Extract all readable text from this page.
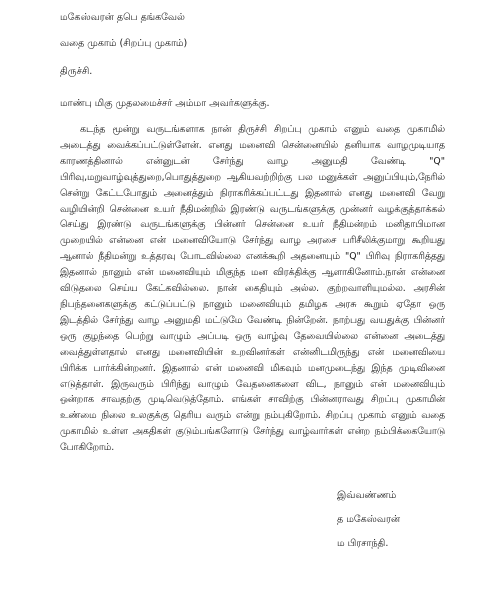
மகேஸ்வரன் தபெ தங்கவேல்
வதை முகாம் (சிறப்பு முகாம்)
திருச்சி.
மாண்பு மிகு முதலமைச்சர் அம்மா அவர்களுக்கு.

கடந்த மூன்று வருடங்களாக நான் திருச்சி சிறப்பு முகாம் எனும் வதை முகாமில் அடைத்து வைக்கப்பட்டுள்ளேன். எனது மனைவி சென்னையில் தனியாக வாழமுடியாத காரணத்தினால் என்னுடன் சேர்ந்து வாழ அனுமதி வேண்டி "Q" பிரிவு,மறுவாழ்வுத்துறை,பொதுத்துறை ஆகியவற்றிற்கு பல மனுக்கள் அனுப்பியும்,நேரில் சென்று கேட்டபோதும் அனைத்தும் நிராகரிக்கப்பட்டது இதனால் எனது மனைவி வேறு வழியின்றி சென்னை உயர் நீதிமன்றில் இரண்டு வருடங்களுக்கு முன்னர் வழக்குத்தாக்கல் செய்து இரண்டு வருடங்களுக்கு பின்னர் சென்னை உயர் நீதிமன்றம் மனிதாபிமான முறையில் என்னை என் மனைவியோடு சேர்ந்து வாழ அரசை பரிசீலிக்குமாறு கூறியது ஆனால் நீதிமன்று உத்தரவு போடவில்லை எனக்கூறி அதனையும் "Q" பிரிவு நிராகரித்தது இதனால் நானும் என் மனைவியும் மிகுந்த மன விரக்திக்கு ஆளாகினோம்.நான் என்னை விடுதலை செய்ய கேட்கவில்லை. நான் கைதியும் அல்ல. குற்றவாளியுமல்ல. அரசின் நிபந்தனைகளுக்கு கட்டுப்பட்டு நானும் மனைவியும் தமிழக அரசு கூறும் ஏதோ ஒரு இடத்தில் சேர்ந்து வாழ அனுமதி மட்டுமே வேண்டி நின்றேன். நாற்பது வயதுக்கு பின்னர் ஒரு குழந்தை பெற்று வாழும் அப்படி ஒரு வாழ்வு தேவையில்லை என்னை அடைத்து வைத்துள்ளதால் எனது மனைவியின் உறவினர்கள் என்னிடமிருந்து என் மனைவியை பிரிக்க பார்க்கின்றனர். இதனால் என் மனைவி மிகவும் மனமுடைந்து இந்த முடிவினை எடுத்தாள். இருவரும் பிரிந்து வாழும் வேதனைகளை விட, நானும் என் மனைவியும் ஒன்றாக சாவதற்கு முடிவெடுத்தோம். எங்கள் சாவிற்கு பின்னராவது சிறப்பு முகாமின் உண்மை நிலை உலகுக்கு தெரிய வரும் என்று நம்புகிறோம். சிறப்பு முகாம் எனும் வதை முகாமில் உள்ள அகதிகள் குடும்பங்களோடு சேர்ந்து வாழ்வார்கள் என்ற நம்பிக்கையோடு போகிறோம்.

இவ்வண்ணம்
த மகேஸ்வரன்
ம பிரசாந்தி.
